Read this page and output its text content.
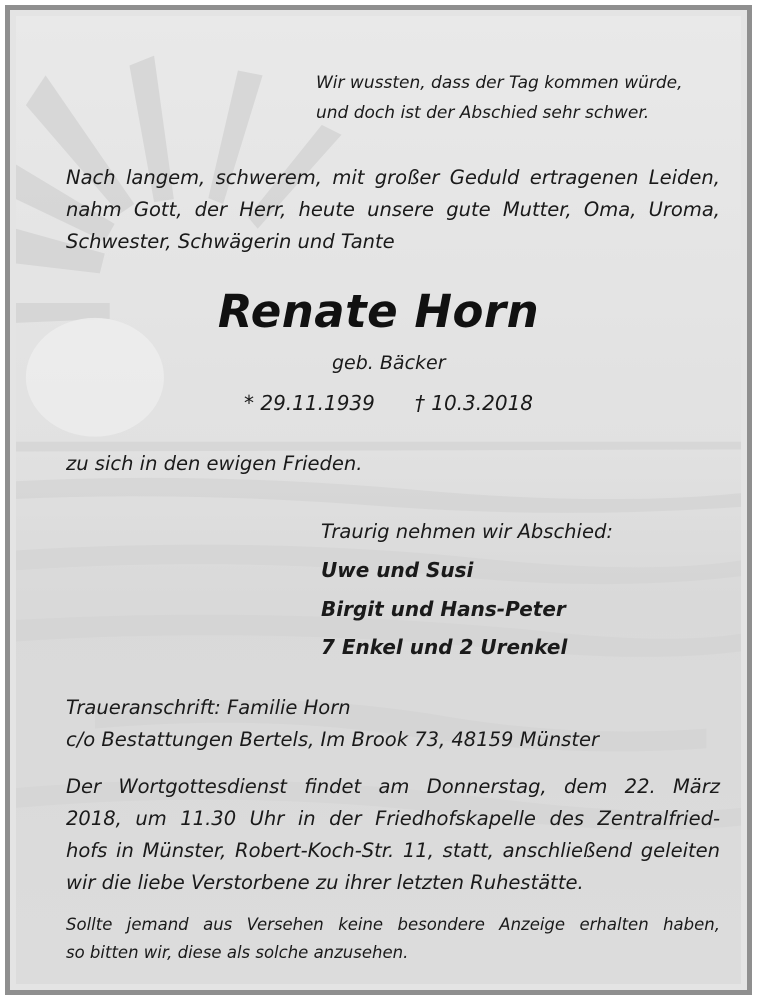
Wir wussten, dass der Tag kommen würde,
und doch ist der Abschied sehr schwer.
Nach langem, schwerem, mit großer Geduld ertragenen Leiden,
nahm Gott, der Herr, heute unsere gute Mutter, Oma, Uroma,
Schwester, Schwägerin und Tante
Renate Horn
geb. Bäcker
* 29.11.1939 † 10.3.2018
zu sich in den ewigen Frieden.
Traurig nehmen wir Abschied:
Uwe und Susi
Birgit und Hans-Peter
7 Enkel und 2 Urenkel
Traueranschrift: Familie Horn
c/o Bestattungen Bertels, Im Brook 73, 48159 Münster
Der Wortgottesdienst findet am Donnerstag, dem 22. März
2018, um 11.30 Uhr in der Friedhofskapelle des Zentralfried-
hofs in Münster, Robert-Koch-Str. 11, statt, anschließend geleiten
wir die liebe Verstorbene zu ihrer letzten Ruhestätte.
Sollte jemand aus Versehen keine besondere Anzeige erhalten haben,
so bitten wir, diese als solche anzusehen.
